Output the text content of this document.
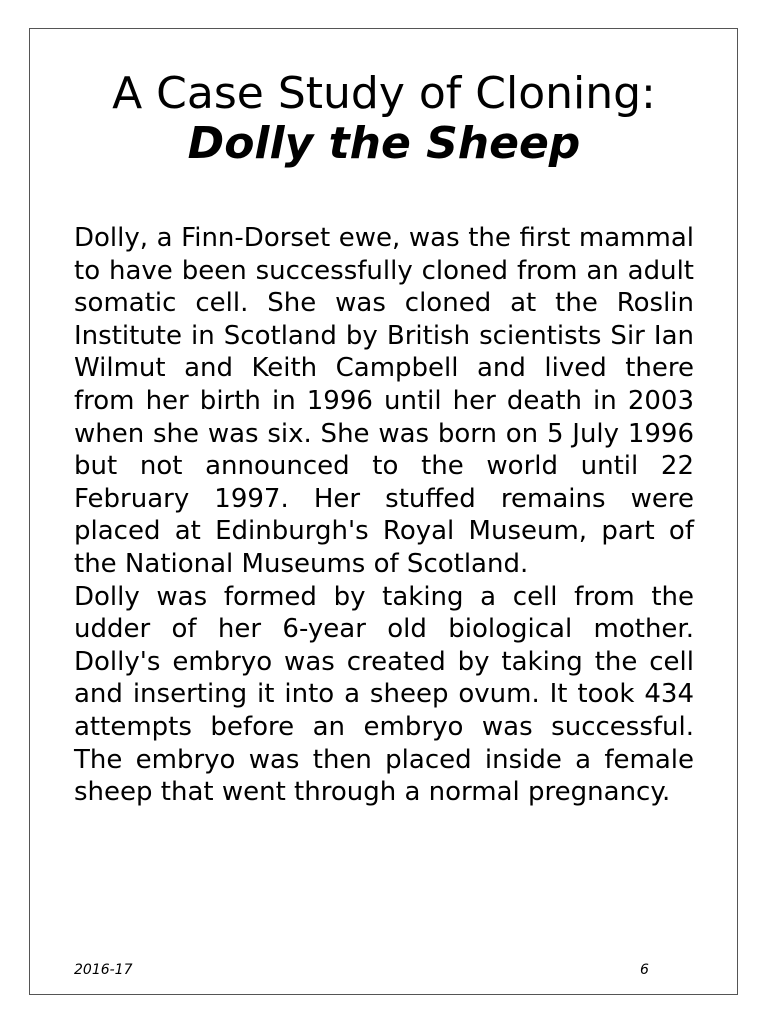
A Case Study of Cloning:
Dolly the Sheep

Dolly, a Finn-Dorset ewe, was the first mammal to have been successfully cloned from an adult somatic cell. She was cloned at the Roslin Institute in Scotland by British scientists Sir Ian Wilmut and Keith Campbell and lived there from her birth in 1996 until her death in 2003 when she was six. She was born on 5 July 1996 but not announced to the world until 22 February 1997. Her stuffed remains were placed at Edinburgh's Royal Museum, part of the National Museums of Scotland.

Dolly was formed by taking a cell from the udder of her 6-year old biological mother. Dolly's embryo was created by taking the cell and inserting it into a sheep ovum. It took 434 attempts before an embryo was successful. The embryo was then placed inside a female sheep that went through a normal pregnancy.

2016-17	6
